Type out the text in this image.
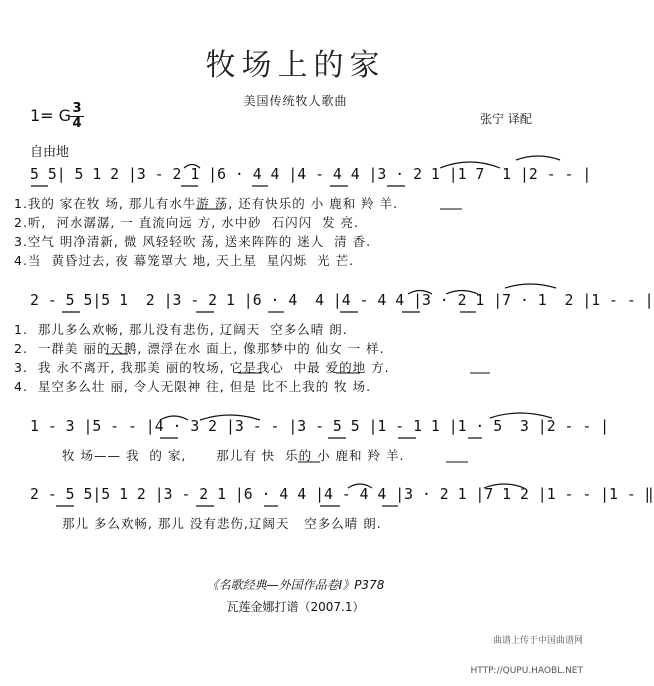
牧场上的家
美国传统牧人歌曲
1= G 3
4	张宁 译配
自由地
5 5| 5 1 2 |3 - 2 1 |6 · 4 4 |4 - 4 4 |3 · 2 1 |1 7  1 |2 - - |
1.我的 家在牧 场, 那儿有水牛游 荡, 还有快乐的 小 鹿和 羚 羊.
2.听,  河水潺潺, 一 直流向远 方, 水中砂  石闪闪  发 亮.
3.空气 明净清新, 微 风轻轻吹 荡, 送来阵阵的 迷人  清 香.
4.当  黄昏过去, 夜 幕笼罩大 地, 天上星  星闪烁  光 芒.
2 - 5 5|5 1  2 |3 - 2 1 |6 · 4  4 |4 - 4 4 |3 · 2 1 |7 · 1  2 |1 - - |
1.  那儿多么欢畅, 那儿没有悲伤, 辽阔天  空多么晴 朗.
2.  一群美 丽的天鹅, 漂浮在水 面上, 像那梦中的 仙女 一 样.
3.  我 永不离开, 我那美 丽的牧场, 它是我心  中最 爱的地 方.
4.  星空多么壮 丽, 令人无限神 往, 但是 比不上我的 牧 场.
1 - 3 |5 - - |4 · 3 2 |3 - - |3 - 5 5 |1 - 1 1 |1 · 5  3 |2 - - |
牧 场—— 我  的 家,      那儿有 快  乐的 小 鹿和 羚 羊.
2 - 5 5|5 1 2 |3 - 2 1 |6 · 4 4 |4 - 4 4 |3 · 2 1 |7 1 2 |1 - - |1 - ‖
那儿 多么欢畅, 那儿 没有悲伤,辽阔天   空多么晴 朗.
《名歌经典—外国作品卷Ⅰ》P378
瓦莲金娜打谱（2007.1）

曲谱上传于中国曲谱网

HTTP://QUPU.HAOBL.NET
